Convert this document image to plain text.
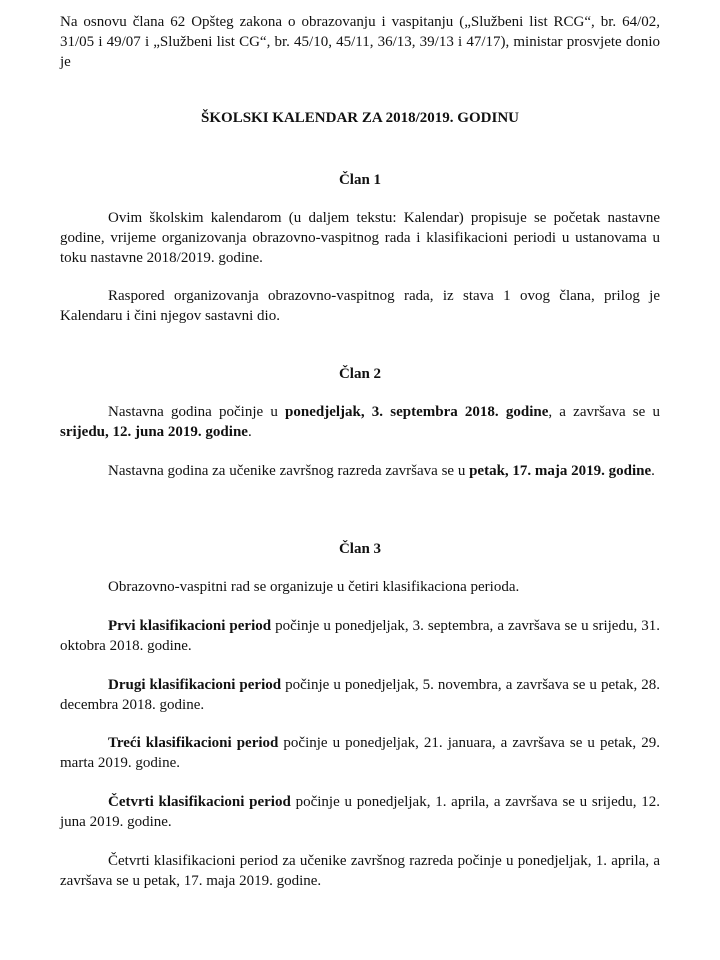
Na osnovu člana 62 Opšteg zakona o obrazovanju i vaspitanju („Službeni list RCG“, br. 64/02, 31/05 i 49/07 i „Službeni list CG“, br. 45/10, 45/11, 36/13, 39/13 i 47/17), ministar prosvjete donio je

ŠKOLSKI KALENDAR ZA 2018/2019. GODINU
Član 1

Ovim školskim kalendarom (u daljem tekstu: Kalendar) propisuje se početak nastavne godine, vrijeme organizovanja obrazovno-vaspitnog rada i klasifikacioni periodi u ustanovama u toku nastavne 2018/2019. godine.

Raspored organizovanja obrazovno-vaspitnog rada, iz stava 1 ovog člana, prilog je Kalendaru i čini njegov sastavni dio.

Član 2

Nastavna godina počinje u ponedjeljak, 3. septembra 2018. godine, a završava se u srijedu, 12. juna 2019. godine.

Nastavna godina za učenike završnog razreda završava se u petak, 17. maja 2019. godine.

Član 3

Obrazovno-vaspitni rad se organizuje u četiri klasifikaciona perioda.

Prvi klasifikacioni period počinje u ponedjeljak, 3. septembra, a završava se u srijedu, 31. oktobra 2018. godine.

Drugi klasifikacioni period počinje u ponedjeljak, 5. novembra, a završava se u petak, 28. decembra 2018. godine.

Treći klasifikacioni period počinje u ponedjeljak, 21. januara, a završava se u petak, 29. marta 2019. godine.

Četvrti klasifikacioni period počinje u ponedjeljak, 1. aprila, a završava se u srijedu, 12. juna 2019. godine.

Četvrti klasifikacioni period za učenike završnog razreda počinje u ponedjeljak, 1. aprila, a završava se u petak, 17. maja 2019. godine.
